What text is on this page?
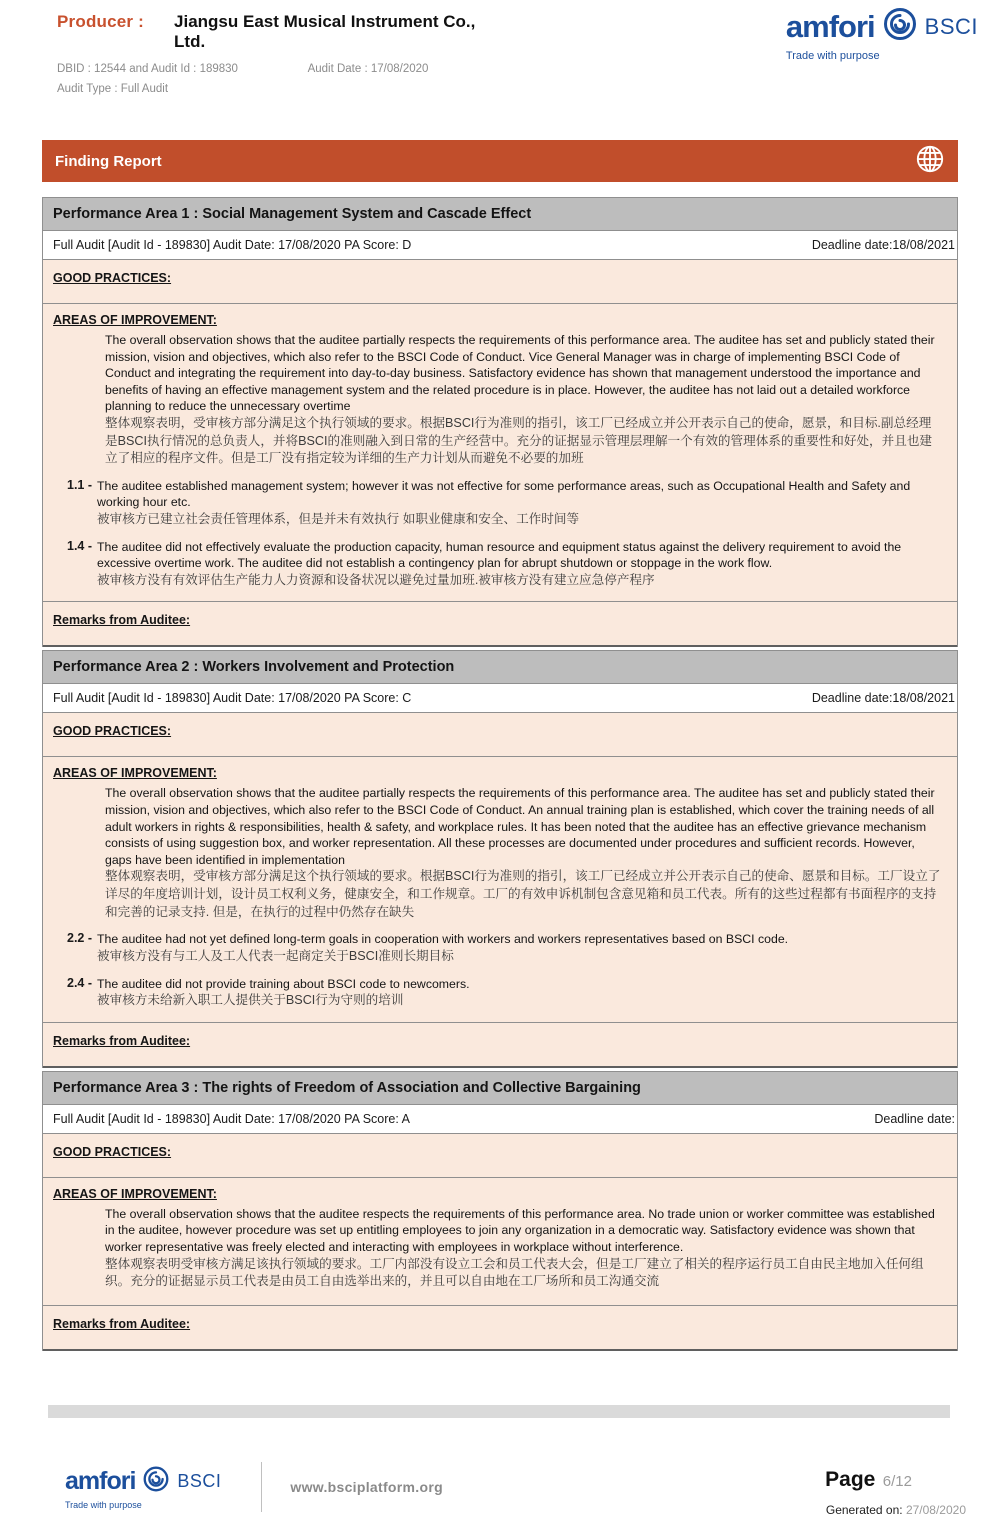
Producer : Jiangsu East Musical Instrument Co., Ltd.
DBID : 12544 and Audit Id : 189830	Audit Date : 17/08/2020
Audit Type : Full Audit
amfori BSCI
Trade with purpose
Finding Report
Performance Area 1 : Social Management System and Cascade Effect
Full Audit [Audit Id - 189830] Audit Date: 17/08/2020 PA Score: D	Deadline date:18/08/2021
GOOD PRACTICES:
AREAS OF IMPROVEMENT:
The overall observation shows that the auditee partially respects the requirements of this performance area. The auditee has set and publicly stated their mission, vision and objectives, which also refer to the BSCI Code of Conduct. Vice General Manager was in charge of implementing BSCI Code of Conduct and integrating the requirement into day-to-day business. Satisfactory evidence has shown that management understood the importance and benefits of having an effective management system and the related procedure is in place. However, the auditee has not laid out a detailed workforce planning to reduce the unnecessary overtime
整体观察表明，受审核方部分满足这个执行领域的要求。根据BSCI行为准则的指引，该工厂已经成立并公开表示自己的使命，愿景，和目标.副总经理是BSCI执行情况的总负责人，并将BSCI的准则融入到日常的生产经营中。充分的证据显示管理层理解一个有效的管理体系的重要性和好处，并且也建立了相应的程序文件。但是工厂没有指定较为详细的生产力计划从而避免不必要的加班
1.1 - The auditee established management system; however it was not effective for some performance areas, such as Occupational Health and Safety and working hour etc.
被审核方已建立社会责任管理体系，但是并未有效执行 如职业健康和安全、工作时间等
1.4 - The auditee did not effectively evaluate the production capacity, human resource and equipment status against the delivery requirement to avoid the excessive overtime work. The auditee did not establish a contingency plan for abrupt shutdown or stoppage in the work flow.
被审核方没有有效评估生产能力人力资源和设备状况以避免过量加班.被审核方没有建立应急停产程序
Remarks from Auditee:
Performance Area 2 : Workers Involvement and Protection
Full Audit [Audit Id - 189830] Audit Date: 17/08/2020 PA Score: C	Deadline date:18/08/2021
GOOD PRACTICES:
AREAS OF IMPROVEMENT:
The overall observation shows that the auditee partially respects the requirements of this performance area. The auditee has set and publicly stated their mission, vision and objectives, which also refer to the BSCI Code of Conduct. An annual training plan is established, which cover the training needs of all adult workers in rights & responsibilities, health & safety, and workplace rules. It has been noted that the auditee has an effective grievance mechanism consists of using suggestion box, and worker representation. All these processes are documented under procedures and sufficient records. However, gaps have been identified in implementation
整体观察表明，受审核方部分满足这个执行领域的要求。根据BSCI行为准则的指引，该工厂已经成立并公开表示自己的使命、愿景和目标。工厂设立了详尽的年度培训计划，设计员工权利义务，健康安全，和工作规章。工厂的有效申诉机制包含意见箱和员工代表。所有的这些过程都有书面程序的支持和完善的记录支持. 但是，在执行的过程中仍然存在缺失
2.2 - The auditee had not yet defined long-term goals in cooperation with workers and workers representatives based on BSCI code.
被审核方没有与工人及工人代表一起商定关于BSCI准则长期目标
2.4 - The auditee did not provide training about BSCI code to newcomers.
被审核方未给新入职工人提供关于BSCI行为守则的培训
Remarks from Auditee:
Performance Area 3 : The rights of Freedom of Association and Collective Bargaining
Full Audit [Audit Id - 189830] Audit Date: 17/08/2020 PA Score: A	Deadline date:
GOOD PRACTICES:
AREAS OF IMPROVEMENT:
The overall observation shows that the auditee respects the requirements of this performance area. No trade union or worker committee was established in the auditee, however procedure was set up entitling employees to join any organization in a democratic way. Satisfactory evidence was shown that worker representative was freely elected and interacting with employees in workplace without interference.
整体观察表明受审核方满足该执行领域的要求。工厂内部没有设立工会和员工代表大会，但是工厂建立了相关的程序运行员工自由民主地加入任何组织。充分的证据显示员工代表是由员工自由选举出来的，并且可以自由地在工厂场所和员工沟通交流
Remarks from Auditee:
amfori BSCI
Trade with purpose
www.bsciplatform.org	Page 6/12
Generated on: 27/08/2020
